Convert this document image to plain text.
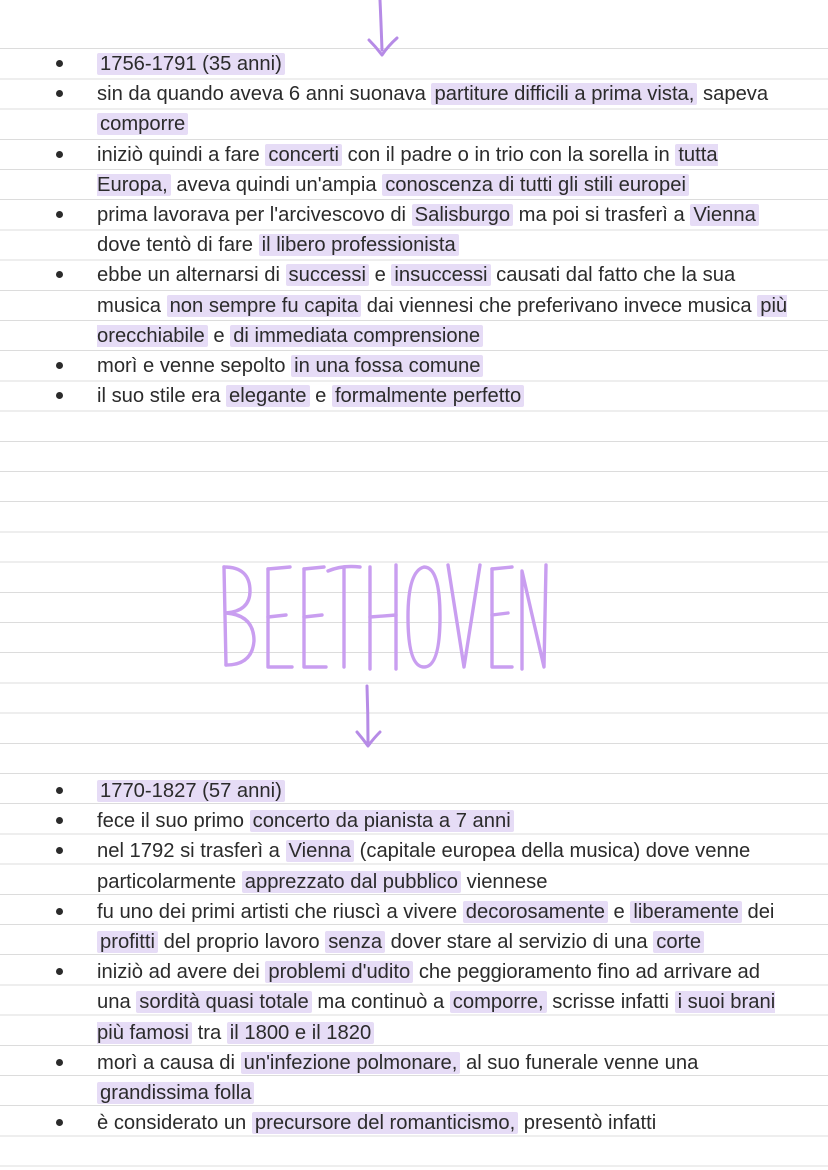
1756-1791 (35 anni)
sin da quando aveva 6 anni suonava partiture difficili a prima vista, sapeva comporre
iniziò quindi a fare concerti con il padre o in trio con la sorella in tutta Europa, aveva quindi un'ampia conoscenza di tutti gli stili europei
prima lavorava per l'arcivescovo di Salisburgo ma poi si trasferì a Vienna dove tentò di fare il libero professionista
ebbe un alternarsi di successi e insuccessi causati dal fatto che la sua musica non sempre fu capita dai viennesi che preferivano invece musica più orecchiabile e di immediata comprensione
morì e venne sepolto in una fossa comune
il suo stile era elegante e formalmente perfetto
BEETHOVEN
1770-1827 (57 anni)
fece il suo primo concerto da pianista a 7 anni
nel 1792 si trasferì a Vienna (capitale europea della musica) dove venne particolarmente apprezzato dal pubblico viennese
fu uno dei primi artisti che riuscì a vivere decorosamente e liberamente dei profitti del proprio lavoro senza dover stare al servizio di una corte
iniziò ad avere dei problemi d'udito che peggioramento fino ad arrivare ad una sordità quasi totale ma continuò a comporre, scrisse infatti i suoi brani più famosi tra il 1800 e il 1820
morì a causa di un'infezione polmonare, al suo funerale venne una grandissima folla
è considerato un precursore del romanticismo, presentò infatti
